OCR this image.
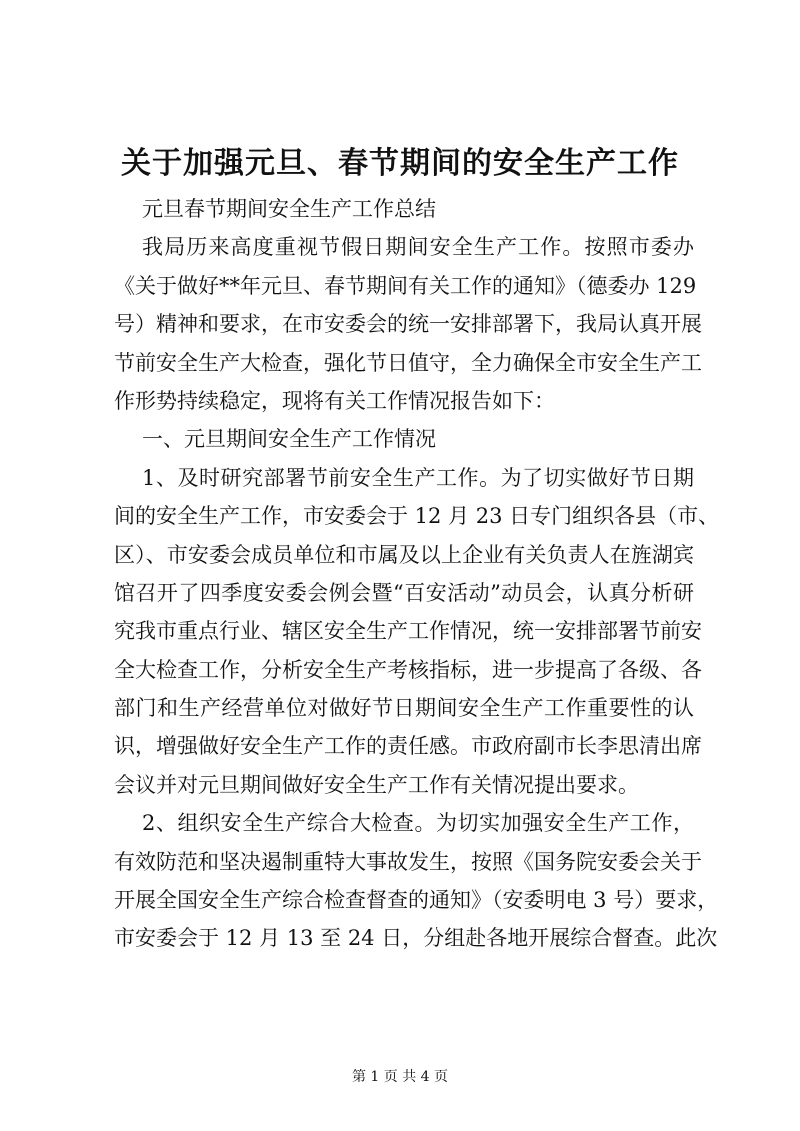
关于加强元旦、春节期间的安全生产工作
元旦春节期间安全生产工作总结
我局历来高度重视节假日期间安全生产工作。按照市委办
《关于做好**年元旦、春节期间有关工作的通知》（德委办 129
号）精神和要求，在市安委会的统一安排部署下，我局认真开展
节前安全生产大检查，强化节日值守，全力确保全市安全生产工
作形势持续稳定，现将有关工作情况报告如下：
一、元旦期间安全生产工作情况
1、及时研究部署节前安全生产工作。为了切实做好节日期
间的安全生产工作，市安委会于 12 月 23 日专门组织各县（市、
区）、市安委会成员单位和市属及以上企业有关负责人在旌湖宾
馆召开了四季度安委会例会暨“百安活动”动员会，认真分析研
究我市重点行业、辖区安全生产工作情况，统一安排部署节前安
全大检查工作，分析安全生产考核指标，进一步提高了各级、各
部门和生产经营单位对做好节日期间安全生产工作重要性的认
识，增强做好安全生产工作的责任感。市政府副市长李思清出席
会议并对元旦期间做好安全生产工作有关情况提出要求。
2、组织安全生产综合大检查。为切实加强安全生产工作，
有效防范和坚决遏制重特大事故发生，按照《国务院安委会关于
开展全国安全生产综合检查督查的通知》（安委明电 3 号）要求，
市安委会于 12 月 13 至 24 日，分组赴各地开展综合督查。此次
第 1 页 共 4 页
